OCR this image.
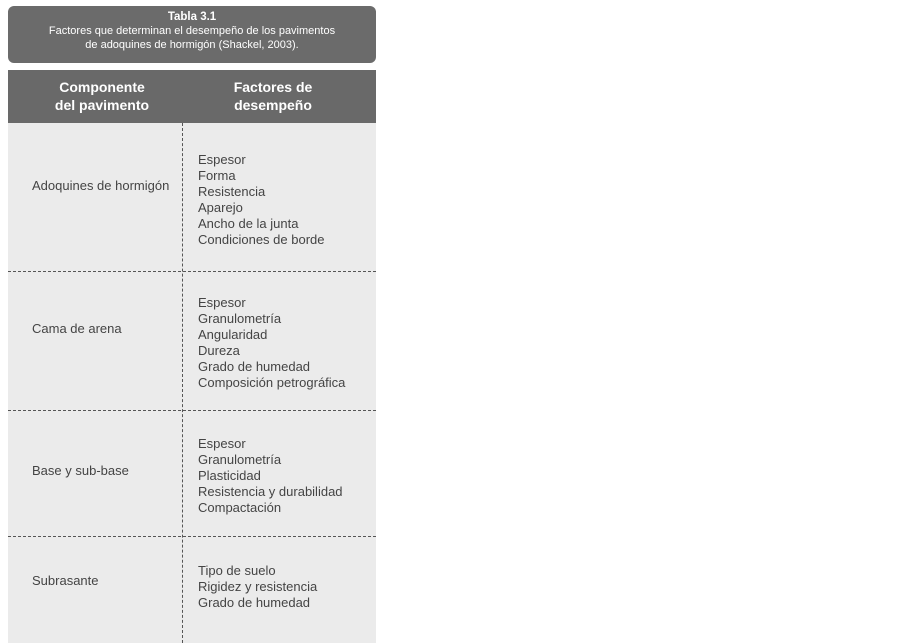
Tabla 3.1
Factores que determinan el desempeño de los pavimentos
de adoquines de hormigón (Shackel, 2003).
Componente
del pavimento
Factores de
desempeño
Adoquines de hormigón
Espesor
Forma
Resistencia
Aparejo
Ancho de la junta
Condiciones de borde
Cama de arena
Espesor
Granulometría
Angularidad
Dureza
Grado de humedad
Composición petrográfica
Base y sub-base
Espesor
Granulometría
Plasticidad
Resistencia y durabilidad
Compactación
Subrasante
Tipo de suelo
Rigidez y resistencia
Grado de humedad
